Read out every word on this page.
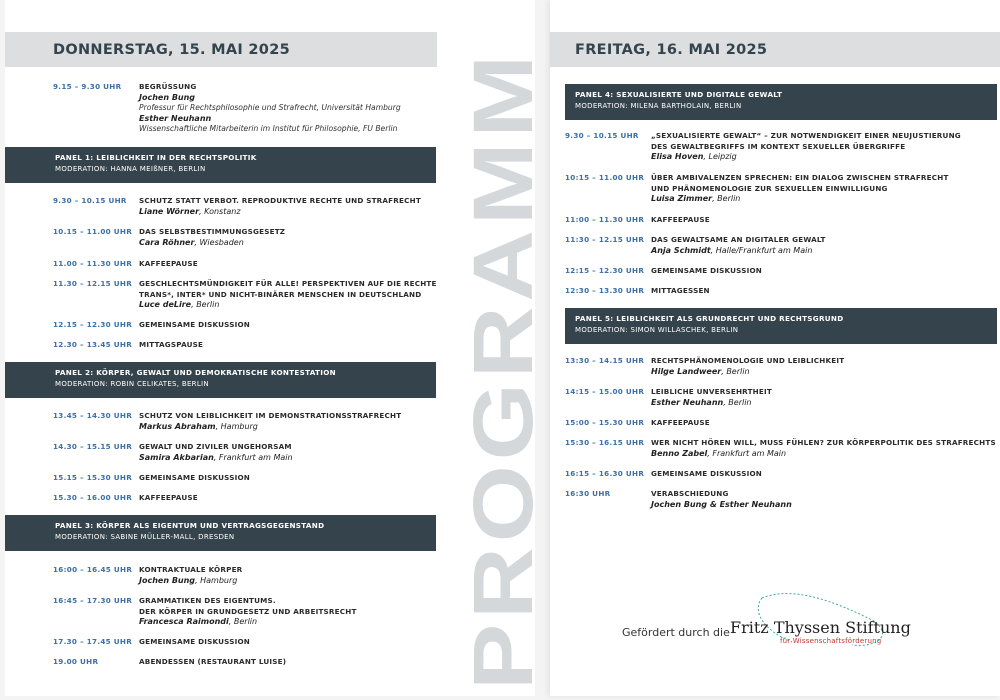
DONNERSTAG, 15. MAI 2025
9.15 – 9.30 UHR BEGRÜSSUNG
Jochen Bung
Professur für Rechtsphilosophie und Strafrecht, Universität Hamburg
Esther Neuhann
Wissenschaftliche Mitarbeiterin im Institut für Philosophie, FU Berlin
PANEL 1: LEIBLICHKEIT IN DER RECHTSPOLITIK
MODERATION: HANNA MEIßNER, BERLIN
9.30 – 10.15 UHR SCHUTZ STATT VERBOT. REPRODUKTIVE RECHTE UND STRAFRECHT
Liane Wörner, Konstanz
10.15 – 11.00 UHR DAS SELBSTBESTIMMUNGSGESETZ
Cara Röhner, Wiesbaden
11.00 – 11.30 UHR KAFFEEPAUSE
11.30 – 12.15 UHR GESCHLECHTSMÜNDIGKEIT FÜR ALLE! PERSPEKTIVEN AUF DIE RECHTE
TRANS*, INTER* UND NICHT-BINÄRER MENSCHEN IN DEUTSCHLAND
Luce deLire, Berlin
12.15 – 12.30 UHR GEMEINSAME DISKUSSION
12.30 – 13.45 UHR MITTAGSPAUSE
PANEL 2: KÖRPER, GEWALT UND DEMOKRATISCHE KONTESTATION
MODERATION: ROBIN CELIKATES, BERLIN
13.45 – 14.30 UHR SCHUTZ VON LEIBLICHKEIT IM DEMONSTRATIONSSTRAFRECHT
Markus Abraham, Hamburg
14.30 – 15.15 UHR GEWALT UND ZIVILER UNGEHORSAM
Samira Akbarian, Frankfurt am Main
15.15 – 15.30 UHR GEMEINSAME DISKUSSION
15.30 – 16.00 UHR KAFFEEPAUSE
PANEL 3: KÖRPER ALS EIGENTUM UND VERTRAGSGEGENSTAND
MODERATION: SABINE MÜLLER-MALL, DRESDEN
16:00 – 16.45 UHR KONTRAKTUALE KÖRPER
Jochen Bung, Hamburg
16:45 – 17.30 UHR GRAMMATIKEN DES EIGENTUMS.
DER KÖRPER IN GRUNDGESETZ UND ARBEITSRECHT
Francesca Raimondi, Berlin
17.30 – 17.45 UHR GEMEINSAME DISKUSSION
19.00 UHR	ABENDESSEN (RESTAURANT LUISE)
FREITAG, 16. MAI 2025
PANEL 4: SEXUALISIERTE UND DIGITALE GEWALT
MODERATION: MILENA BARTHOLAIN, BERLIN
9.30 – 10.15 UHR „SEXUALISIERTE GEWALT“ – ZUR NOTWENDIGKEIT EINER NEUJUSTIERUNG
DES GEWALTBEGRIFFS IM KONTEXT SEXUELLER ÜBERGRIFFE
Elisa Hoven, Leipzig
10:15 – 11.00 UHR ÜBER AMBIVALENZEN SPRECHEN: EIN DIALOG ZWISCHEN STRAFRECHT
UND PHÄNOMENOLOGIE ZUR SEXUELLEN EINWILLIGUNG
Luisa Zimmer, Berlin
11:00 – 11.30 UHR KAFFEEPAUSE
11:30 – 12.15 UHR DAS GEWALTSAME AN DIGITALER GEWALT
Anja Schmidt, Halle/Frankfurt am Main
12:15 – 12.30 UHR GEMEINSAME DISKUSSION
12:30 – 13.30 UHR MITTAGESSEN
PANEL 5: LEIBLICHKEIT ALS GRUNDRECHT UND RECHTSGRUND
MODERATION: SIMON WILLASCHEK, BERLIN
13:30 – 14.15 UHR RECHTSPHÄNOMENOLOGIE UND LEIBLICHKEIT
Hilge Landweer, Berlin
14:15 – 15.00 UHR LEIBLICHE UNVERSEHRTHEIT
Esther Neuhann, Berlin
15:00 – 15.30 UHR KAFFEEPAUSE
15:30 – 16.15 UHR WER NICHT HÖREN WILL, MUSS FÜHLEN? ZUR KÖRPERPOLITIK DES STRAFRECHTS
Benno Zabel, Frankfurt am Main
16:15 – 16.30 UHR GEMEINSAME DISKUSSION
16:30 UHR	VERABSCHIEDUNG
Jochen Bung & Esther Neuhann
PROGRAMM	Gefördert durch die Fritz Thyssen Stiftung
für Wissenschaftsförderung
